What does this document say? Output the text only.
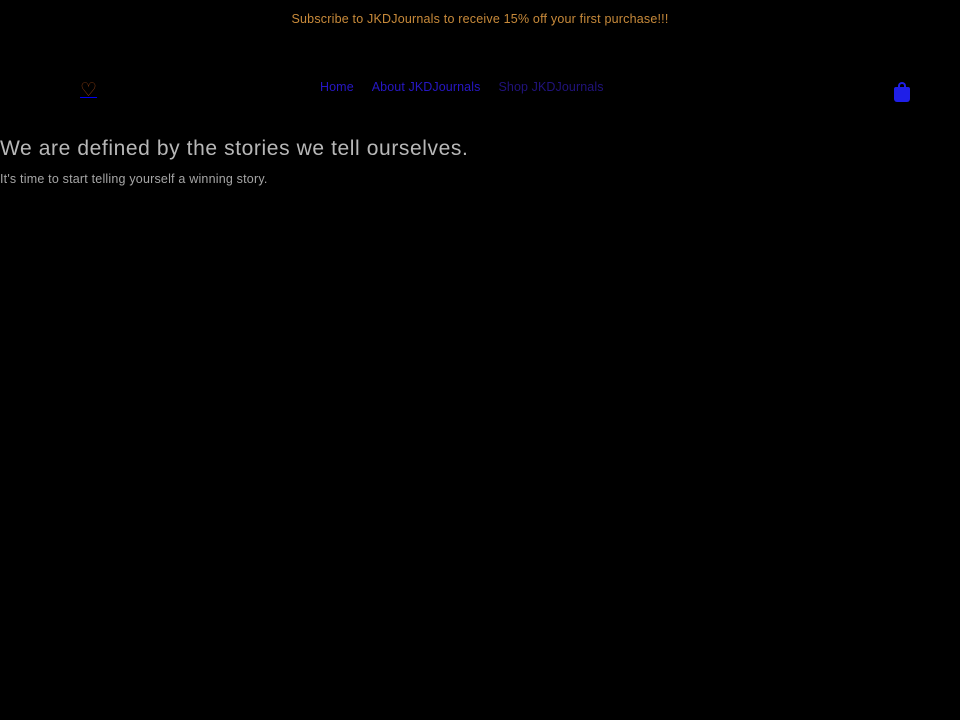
Subscribe to JKDJournals to receive 15% off your first purchase!!!
♡	Home About JKDJournals Shop JKDJournals
We are defined by the stories we tell ourselves.

It's time to start telling yourself a winning story.
